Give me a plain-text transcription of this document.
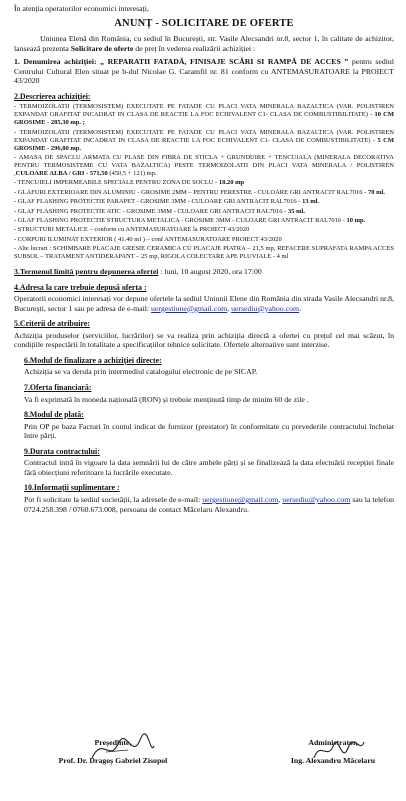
În atenția operatorilor economici interesați,

ANUNȚ - SOLICITARE DE OFERTE

Uniunea Elenă din România, cu sediul în București, str. Vasile Alecsandri nr.8, sector 1, în calitate de achizitor, lansează prezenta Solicitare de oferte de preț în vederea realizării achiziției :

1. Denumirea achiziției: „ REPARATII FATADĂ, FINISAJE SCĂRI SI RAMPĂ DE ACCES ” pentru sediul Centrului Cultural Elen situat pe b-dul Nicolae G. Caramfil nr. 81 conform cu ANTEMASURATOARE la PROIECT 43/2020

2.Descrierea achiziției:
- TERMOIZOLATII (TERMOSISTEM) EXECUTATE PE FATADE CU PLACI VATA MINERALA BAZALTICA (VAR. POLISTIREN EXPANDAT GRAFITAT INCADRAT IN CLASA DE REACTIE LA FOC ECHIVALENT C1- CLASA DE COMBUSTIBILITATE) - 10 CM GROSIME - 285,30 mp. ;
- TERMOIZOLATII (TERMOSISTEM) EXECUTATE PE FATADE CU PLACI VATA MINERALA BAZALTICA (VAR. POLISTIREN EXPANDAT GRAFITAT INCADRAT IN CLASA DE REACTIE LA FOC ECHIVALENT C1- CLASA DE COMBUSTIBILITATE) - 5 CM GROSIME - 296,80 mp.
- AMASA DE SPACLU ARMATA CU PLASE DIN FIBRA DE STICLA + GRUNDUIRE + TENCUIALA (MINERALA DECORATIVA PENTRU TERMOSISTEME CU VATA BAZALTICA) PESTE TERMOIZOLATII DIN PLACI VATA MINERALA / POLISTIREN ,CULOARE ALBA / GRI - 571,50 (450,5 + 121) mp.
- TENCUIELI IMPERMEABILE SPECIALE PENTRU ZONA DE SOCLU - 18.20 mp
- GLAFURI EXTERIOARE DIN ALUMINIU - GROSIME 2MM – PENTRU FERESTRE - CULOARE GRI ANTRACIT RAL7016 - 70 ml.
- GLAF FLASHING PROTECTIE PARAPET - GROSIME 3MM - CULOARE GRI ANTRACIT RAL7016 - 13 ml.
- GLAF FLASHING PROTECTIE ATIC - GROSIME 3MM - CULOARE GRI ANTRACIT RAL7016 - 35 ml.
- GLAF FLASHING PROTECTIE STRUCTURA METALICA - GROSIME 3MM - CULOARE GRI ANTRACIT RAL7016 - 10 mp.
- STRUCTURI METALICE – conform cu ANTEMASURATOARE la PROIECT 43/2020
- CORPURI ILUMINAT EXTERIOR ( 41.40 ml ) – conf ANTEMASURATOARE PROIECT 43/2020
- Alte lucrari : SCHIMBARE PLACAJE GRESIE CERAMICA CU PLACAJE PIATRA – 21,5 mp, REFACERE SUPRAFATA RAMPA ACCES SUBSOL – TRATAMENT ANTIDERAPANT – 25 mp, RIGOLA COLECTARE APE PLUVIALE - 4 ml

3.Termenul limită pentru depunerea ofertei : luni, 10 august 2020, ora 17:00

4.Adresa la care trebuie depusă oferta :

Operatorii economici interesați vor depune ofertele la sediul Uniunii Elene din România din strada Vasile Alecsandri nr.8, București, sector 1 sau pe adresa de e-mail: uergestiune@gmail.com, uersediu@yahoo.com.

5.Criterii de atribuire:

Achiziția produselor (serviciilor, lucrărilor) se va realiza prin achiziția directă a ofertei cu prețul cel mai scăzut, în condițiile respectării în totalitate a specificațiilor tehnice solicitate. Ofertele alternative sunt interzise.

6.Modul de finalizare a achiziției directe:

Achiziția se va derula prin intermediul catalogului electronic de pe SICAP.

7.Oferta financiară:

Va fi exprimată în moneda națională (RON) și trebuie menținută timp de minim 60 de zile .

8.Modul de plată:

Prin OP pe baza Facturi în contul indicat de furnizor (prestator) în conformitate cu prevederile contractului încheiat între părți.

9.Durata contractului:

Contractul intră în vigoare la data semnării lui de către ambele părți și se finalizează la data efectuării recepției finale fără obiecțiuni referitoare la lucrările executate.

10.Informații suplimentare :

Pot fi solicitate la sediul societății, la adresele de e-mail: uergestiune@gmail.com, uersediu@yahoo.com sau la telefon 0724.258.398 / 0760.673.008, persoana de contact Măcelaru Alexandru.

Președinte,
Prof. Dr. Dragoș Gabriel Zisopol
Administrator,
Ing. Alexandru Măcelaru
